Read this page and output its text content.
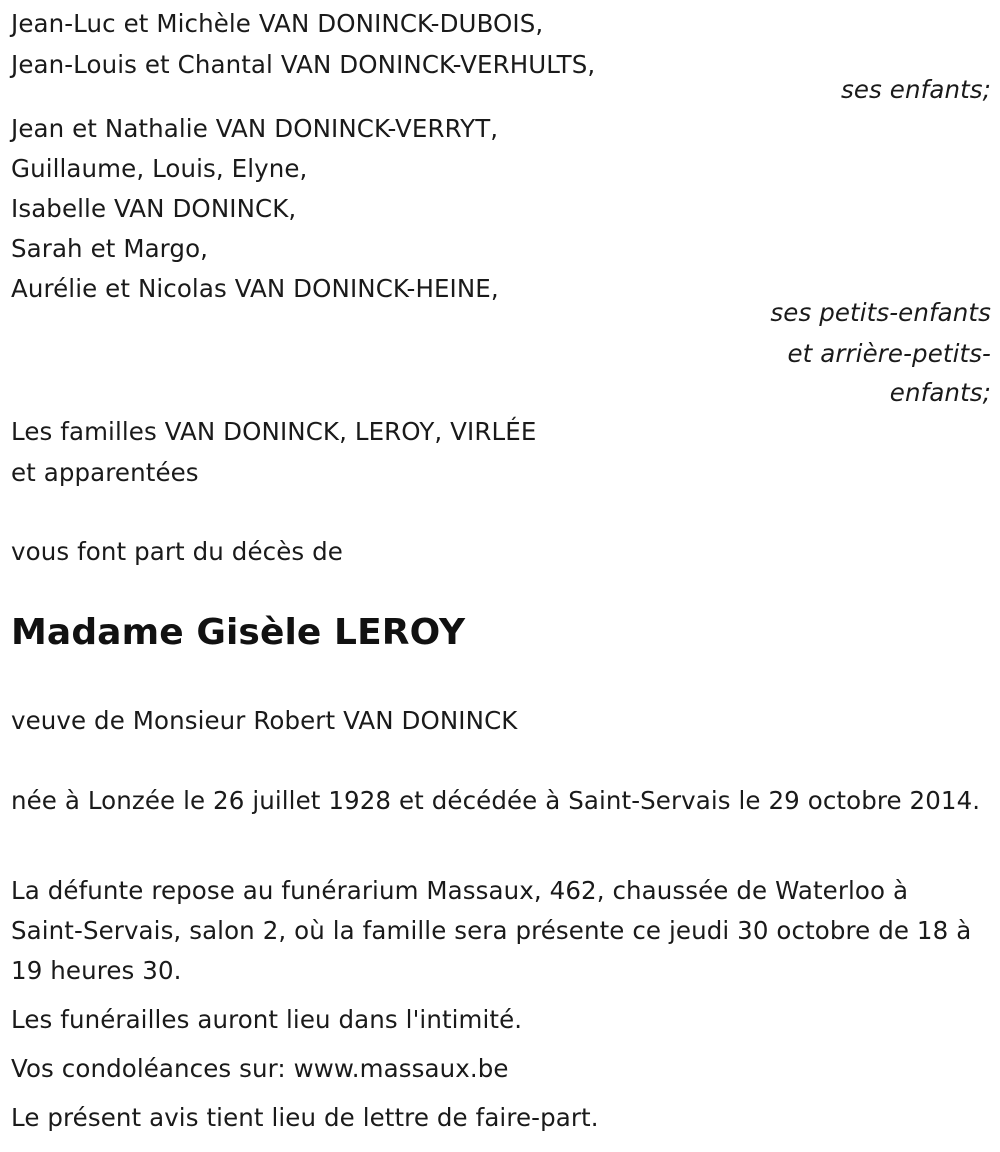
Jean-Luc et Michèle VAN DONINCK-DUBOIS,
Jean-Louis et Chantal VAN DONINCK-VERHULTS,
ses enfants;
Jean et Nathalie VAN DONINCK-VERRYT,
Guillaume, Louis, Elyne,
Isabelle VAN DONINCK,
Sarah et Margo,
Aurélie et Nicolas VAN DONINCK-HEINE,
ses petits-enfants
et arrière-petits-
enfants;
Les familles VAN DONINCK, LEROY, VIRLÉE
et apparentées
vous font part du décès de
Madame Gisèle LEROY
veuve de Monsieur Robert VAN DONINCK
née à Lonzée le 26 juillet 1928 et décédée à Saint-Servais le 29 octobre 2014.
La défunte repose au funérarium Massaux, 462, chaussée de Waterloo à Saint-Servais, salon 2, où la famille sera présente ce jeudi 30 octobre de 18 à 19 heures 30.
Les funérailles auront lieu dans l'intimité.
Vos condoléances sur: www.massaux.be
Le présent avis tient lieu de lettre de faire-part.
